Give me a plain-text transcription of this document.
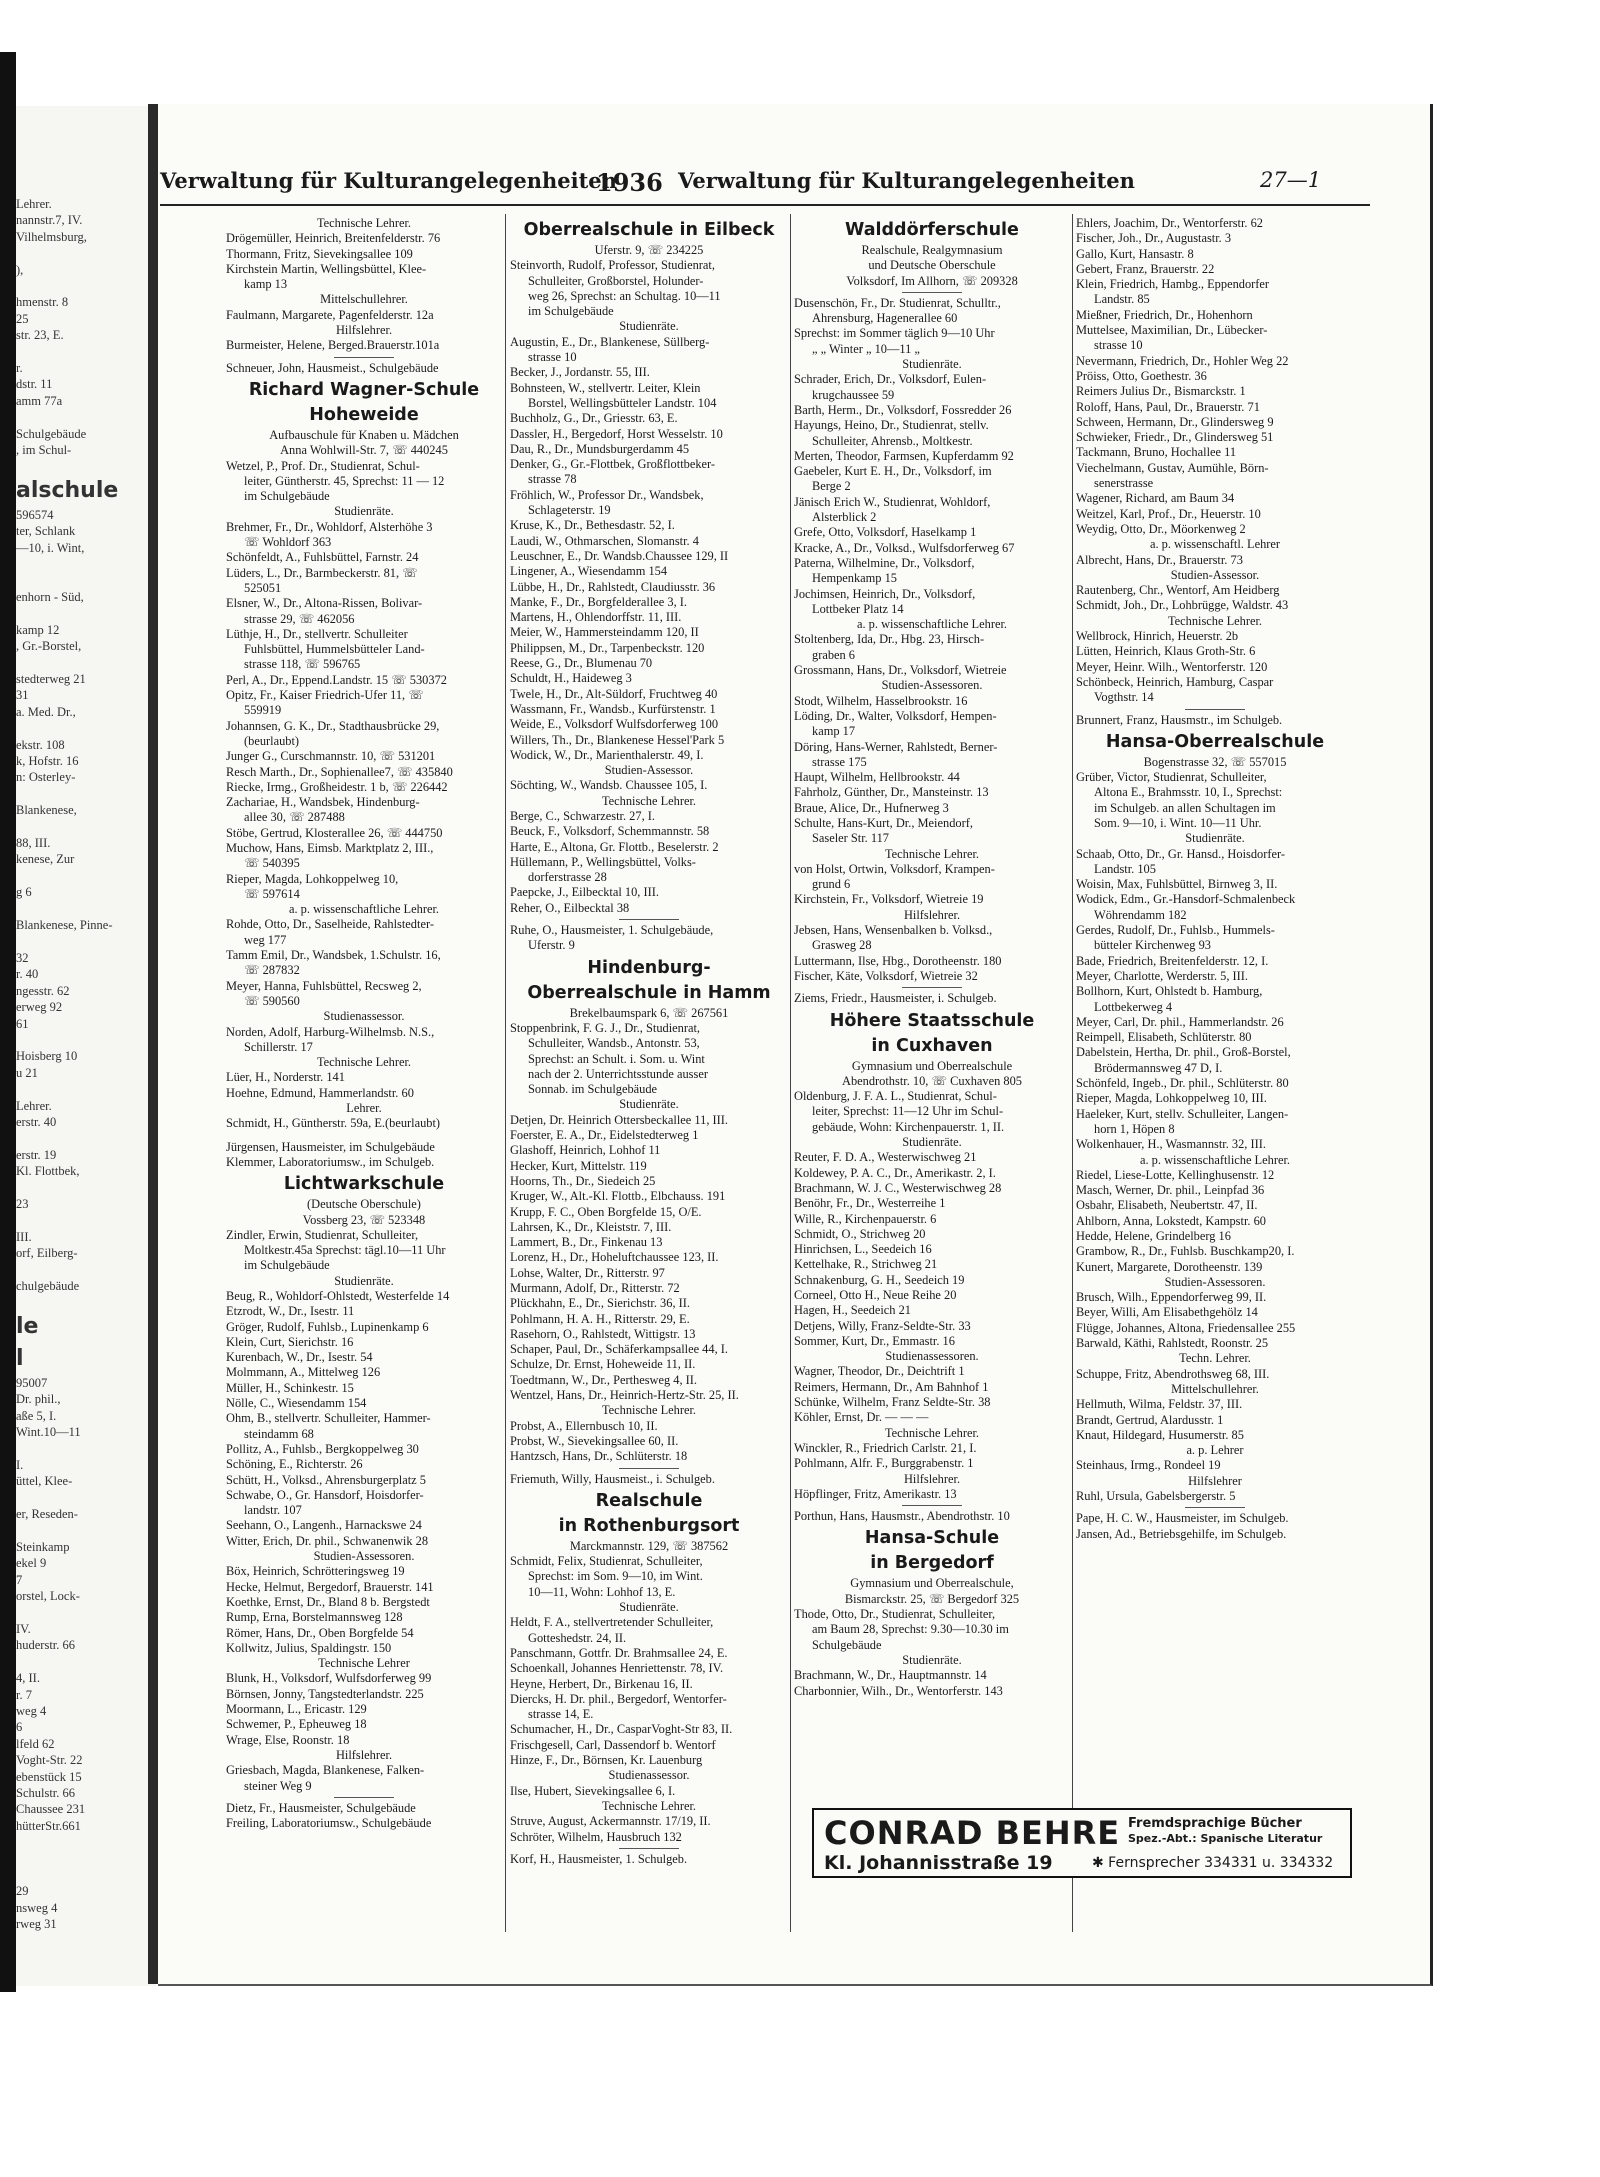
Lehrer.
nannstr.7, IV.
Vilhelmsburg,

),

hmenstr. 8
25
str. 23, E.

r.
dstr. 11
amm 77a

Schulgebäude
, im Schul-

alschule
596574
ter, Schlank
—10, i. Wint,

enhorn - Süd,

kamp 12
, Gr.-Borstel,

stedterweg 21
31
a. Med. Dr.,

ekstr. 108
k, Hofstr. 16
n: Osterley-

Blankenese,

88, III.
kenese, Zur

g 6

Blankenese, Pinne-

32
r. 40
ngesstr. 62
erweg 92
61

Hoisberg 10
u 21

Lehrer.
erstr. 40

erstr. 19
Kl. Flottbek,

23

III.
orf, Eilberg-

chulgebäude

le
l
95007
Dr. phil.,
aße 5, I.
Wint.10—11

I.
üttel, Klee-

er, Reseden-

Steinkamp
ekel 9
7
orstel, Lock-

IV.
huderstr. 66

4, II.
r. 7
weg 4
6
lfeld 62
Voght-Str. 22
ebenstück 15
Schulstr. 66
Chaussee 231
hütterStr.661

29
nsweg 4
rweg 31
Verwaltung für Kulturangelegenheiten
1936 Verwaltung für Kulturangelegenheiten	27—1
Technische Lehrer.
Drögemüller, Heinrich, Breitenfelderstr. 76
Thormann, Fritz, Sievekingsallee 109
Kirchstein Martin, Wellingsbüttel, Klee-
kamp 13
Mittelschullehrer.
Faulmann, Margarete, Pagenfelderstr. 12a
Hilfslehrer.
Burmeister, Helene, Berged.Brauerstr.101a
Schneuer, John, Hausmeist., Schulgebäude
Richard Wagner-Schule
Hoheweide
Aufbauschule für Knaben u. Mädchen
Anna Wohlwill-Str. 7, ☏ 440245
Wetzel, P., Prof. Dr., Studienrat, Schul-
leiter, Güntherstr. 45, Sprechst: 11 — 12
im Schulgebäude
Studienräte.
Brehmer, Fr., Dr., Wohldorf, Alsterhöhe 3
☏ Wohldorf 363
Schönfeldt, A., Fuhlsbüttel, Farnstr. 24
Lüders, L., Dr., Barmbeckerstr. 81, ☏
525051
Elsner, W., Dr., Altona-Rissen, Bolivar-
strasse 29, ☏ 462056
Lüthje, H., Dr., stellvertr. Schulleiter
Fuhlsbüttel, Hummelsbütteler Land-
strasse 118, ☏ 596765
Perl, A., Dr., Eppend.Landstr. 15 ☏ 530372
Opitz, Fr., Kaiser Friedrich-Ufer 11, ☏
559919
Johannsen, G. K., Dr., Stadthausbrücke 29,
(beurlaubt)
Junger G., Curschmannstr. 10, ☏ 531201
Resch Marth., Dr., Sophienallee7, ☏ 435840
Riecke, Irmg., Großheidestr. 1 b, ☏ 226442
Zachariae, H., Wandsbek, Hindenburg-
allee 30, ☏ 287488
Stöbe, Gertrud, Klosterallee 26, ☏ 444750
Muchow, Hans, Eimsb. Marktplatz 2, III.,
☏ 540395
Rieper, Magda, Lohkoppelweg 10,
☏ 597614
a. p. wissenschaftliche Lehrer.
Rohde, Otto, Dr., Saselheide, Rahlstedter-
weg 177
Tamm Emil, Dr., Wandsbek, 1.Schulstr. 16,
☏ 287832
Meyer, Hanna, Fuhlsbüttel, Recsweg 2,
☏ 590560
Studienassessor.
Norden, Adolf, Harburg-Wilhelmsb. N.S.,
Schillerstr. 17
Technische Lehrer.
Lüer, H., Norderstr. 141
Hoehne, Edmund, Hammerlandstr. 60
Lehrer.
Schmidt, H., Güntherstr. 59a, E.(beurlaubt)
Jürgensen, Hausmeister, im Schulgebäude
Klemmer, Laboratoriumsw., im Schulgeb.
Lichtwarkschule
(Deutsche Oberschule)
Vossberg 23, ☏ 523348
Zindler, Erwin, Studienrat, Schulleiter,
Moltkestr.45a Sprechst: tägl.10—11 Uhr
im Schulgebäude
Studienräte.
Beug, R., Wohldorf-Ohlstedt, Westerfelde 14
Etzrodt, W., Dr., Isestr. 11
Gröger, Rudolf, Fuhlsb., Lupinenkamp 6
Klein, Curt, Sierichstr. 16
Kurenbach, W., Dr., Isestr. 54
Molmmann, A., Mittelweg 126
Müller, H., Schinkestr. 15
Nölle, C., Wiesendamm 154
Ohm, B., stellvertr. Schulleiter, Hammer-
steindamm 68
Pollitz, A., Fuhlsb., Bergkoppelweg 30
Schöning, E., Richterstr. 26
Schütt, H., Volksd., Ahrensburgerplatz 5
Schwabe, O., Gr. Hansdorf, Hoisdorfer-
landstr. 107
Seehann, O., Langenh., Harnackswe 24
Witter, Erich, Dr. phil., Schwanenwik 28
Studien-Assessoren.
Böx, Heinrich, Schrötteringsweg 19
Hecke, Helmut, Bergedorf, Brauerstr. 141
Koethke, Ernst, Dr., Bland 8 b. Bergstedt
Rump, Erna, Borstelmannsweg 128
Römer, Hans, Dr., Oben Borgfelde 54
Kollwitz, Julius, Spaldingstr. 150
Technische Lehrer
Blunk, H., Volksdorf, Wulfsdorferweg 99
Börnsen, Jonny, Tangstedterlandstr. 225
Moormann, L., Ericastr. 129
Schwemer, P., Epheuweg 18
Wrage, Else, Roonstr. 18
Hilfslehrer.
Griesbach, Magda, Blankenese, Falken-
steiner Weg 9
Dietz, Fr., Hausmeister, Schulgebäude
Freiling, Laboratoriumsw., Schulgebäude
Oberrealschule in Eilbeck
Uferstr. 9, ☏ 234225
Steinvorth, Rudolf, Professor, Studienrat,
Schulleiter, Großborstel, Holunder-
weg 26, Sprechst: an Schultag. 10—11
im Schulgebäude
Studienräte.
Augustin, E., Dr., Blankenese, Süllberg-
strasse 10
Becker, J., Jordanstr. 55, III.
Bohnsteen, W., stellvertr. Leiter, Klein
Borstel, Wellingsbütteler Landstr. 104
Buchholz, G., Dr., Griesstr. 63, E.
Dassler, H., Bergedorf, Horst Wesselstr. 10
Dau, R., Dr., Mundsburgerdamm 45
Denker, G., Gr.-Flottbek, Großflottbeker-
strasse 78
Fröhlich, W., Professor Dr., Wandsbek,
Schlageterstr. 19
Kruse, K., Dr., Bethesdastr. 52, I.
Laudi, W., Othmarschen, Slomanstr. 4
Leuschner, E., Dr. Wandsb.Chaussee 129, II
Lingener, A., Wiesendamm 154
Lübbe, H., Dr., Rahlstedt, Claudiusstr. 36
Manke, F., Dr., Borgfelderallee 3, I.
Martens, H., Ohlendorffstr. 11, III.
Meier, W., Hammersteindamm 120, II
Philippsen, M., Dr., Tarpenbeckstr. 120
Reese, G., Dr., Blumenau 70
Schuldt, H., Haideweg 3
Twele, H., Dr., Alt-Süldorf, Fruchtweg 40
Wassmann, Fr., Wandsb., Kurfürstenstr. 1
Weide, E., Volksdorf Wulfsdorferweg 100
Willers, Th., Dr., Blankenese Hessel'Park 5
Wodick, W., Dr., Marienthalerstr. 49, I.
Studien-Assessor.
Söchting, W., Wandsb. Chaussee 105, I.
Technische Lehrer.
Berge, C., Schwarzestr. 27, I.
Beuck, F., Volksdorf, Schemmannstr. 58
Harte, E., Altona, Gr. Flottb., Beselerstr. 2
Hüllemann, P., Wellingsbüttel, Volks-
dorferstrasse 28
Paepcke, J., Eilbecktal 10, III.
Reher, O., Eilbecktal 38
Ruhe, O., Hausmeister, 1. Schulgebäude,
Uferstr. 9
Hindenburg-
Oberrealschule in Hamm
Brekelbaumspark 6, ☏ 267561
Stoppenbrink, F. G. J., Dr., Studienrat,
Schulleiter, Wandsb., Antonstr. 53,
Sprechst: an Schult. i. Som. u. Wint
nach der 2. Unterrichtsstunde ausser
Sonnab. im Schulgebäude
Studienräte.
Detjen, Dr. Heinrich Ottersbeckallee 11, III.
Foerster, E. A., Dr., Eidelstedterweg 1
Glashoff, Heinrich, Lohhof 11
Hecker, Kurt, Mittelstr. 119
Hoorns, Th., Dr., Siedeich 25
Kruger, W., Alt.-Kl. Flottb., Elbchauss. 191
Krupp, F. C., Oben Borgfelde 15, O/E.
Lahrsen, K., Dr., Kleiststr. 7, III.
Lammert, B., Dr., Finkenau 13
Lorenz, H., Dr., Hoheluftchaussee 123, II.
Lohse, Walter, Dr., Ritterstr. 97
Murmann, Adolf, Dr., Ritterstr. 72
Plückhahn, E., Dr., Sierichstr. 36, II.
Pohlmann, H. A. H., Ritterstr. 29, E.
Rasehorn, O., Rahlstedt, Wittigstr. 13
Schaper, Paul, Dr., Schäferkampsallee 44, I.
Schulze, Dr. Ernst, Hoheweide 11, II.
Toedtmann, W., Dr., Perthesweg 4, II.
Wentzel, Hans, Dr., Heinrich-Hertz-Str. 25, II.
Technische Lehrer.
Probst, A., Ellernbusch 10, II.
Probst, W., Sievekingsallee 60, II.
Hantzsch, Hans, Dr., Schlüterstr. 18
Friemuth, Willy, Hausmeist., i. Schulgeb.
Realschule
in Rothenburgsort
Marckmannstr. 129, ☏ 387562
Schmidt, Felix, Studienrat, Schulleiter,
Sprechst: im Som. 9—10, im Wint.
10—11, Wohn: Lohhof 13, E.
Studienräte.
Heldt, F. A., stellvertretender Schulleiter,
Gotteshedstr. 24, II.
Panschmann, Gottfr. Dr. Brahmsallee 24, E.
Schoenkall, Johannes Henriettenstr. 78, IV.
Heyne, Herbert, Dr., Birkenau 16, II.
Diercks, H. Dr. phil., Bergedorf, Wentorfer-
strasse 14, E.
Schumacher, H., Dr., CasparVoght-Str 83, II.
Frischgesell, Carl, Dassendorf b. Wentorf
Hinze, F., Dr., Börnsen, Kr. Lauenburg
Studienassessor.
Ilse, Hubert, Sievekingsallee 6, I.
Technische Lehrer.
Struve, August, Ackermannstr. 17/19, II.
Schröter, Wilhelm, Hausbruch 132
Korf, H., Hausmeister, 1. Schulgeb.
Walddörferschule
Realschule, Realgymnasium
und Deutsche Oberschule
Volksdorf, Im Allhorn, ☏ 209328
Dusenschön, Fr., Dr. Studienrat, Schulltr.,
Ahrensburg, Hagenerallee 60
Sprechst: im Sommer täglich 9—10 Uhr
„ „ Winter „ 10—11 „
Studienräte.
Schrader, Erich, Dr., Volksdorf, Eulen-
krugchaussee 59
Barth, Herm., Dr., Volksdorf, Fossredder 26
Hayungs, Heino, Dr., Studienrat, stellv.
Schulleiter, Ahrensb., Moltkestr.
Merten, Theodor, Farmsen, Kupferdamm 92
Gaebeler, Kurt E. H., Dr., Volksdorf, im
Berge 2
Jänisch Erich W., Studienrat, Wohldorf,
Alsterblick 2
Grefe, Otto, Volksdorf, Haselkamp 1
Kracke, A., Dr., Volksd., Wulfsdorferweg 67
Paterna, Wilhelmine, Dr., Volksdorf,
Hempenkamp 15
Jochimsen, Heinrich, Dr., Volksdorf,
Lottbeker Platz 14
a. p. wissenschaftliche Lehrer.
Stoltenberg, Ida, Dr., Hbg. 23, Hirsch-
graben 6
Grossmann, Hans, Dr., Volksdorf, Wietreie
Studien-Assessoren.
Stodt, Wilhelm, Hasselbrookstr. 16
Löding, Dr., Walter, Volksdorf, Hempen-
kamp 17
Döring, Hans-Werner, Rahlstedt, Berner-
strasse 175
Haupt, Wilhelm, Hellbrookstr. 44
Fahrholz, Günther, Dr., Mansteinstr. 13
Braue, Alice, Dr., Hufnerweg 3
Schulte, Hans-Kurt, Dr., Meiendorf,
Saseler Str. 117
Technische Lehrer.
von Holst, Ortwin, Volksdorf, Krampen-
grund 6
Kirchstein, Fr., Volksdorf, Wietreie 19
Hilfslehrer.
Jebsen, Hans, Wensenbalken b. Volksd.,
Grasweg 28
Luttermann, Ilse, Hbg., Dorotheenstr. 180
Fischer, Käte, Volksdorf, Wietreie 32
Ziems, Friedr., Hausmeister, i. Schulgeb.
Höhere Staatsschule
in Cuxhaven
Gymnasium und Oberrealschule
Abendrothstr. 10, ☏ Cuxhaven 805
Oldenburg, J. F. A. L., Studienrat, Schul-
leiter, Sprechst: 11—12 Uhr im Schul-
gebäude, Wohn: Kirchenpauerstr. 1, II.
Studienräte.
Reuter, F. D. A., Westerwischweg 21
Koldewey, P. A. C., Dr., Amerikastr. 2, I.
Brachmann, W. J. C., Westerwischweg 28
Benöhr, Fr., Dr., Westerreihe 1
Wille, R., Kirchenpauerstr. 6
Schmidt, O., Strichweg 20
Hinrichsen, L., Seedeich 16
Kettelhake, R., Strichweg 21
Schnakenburg, G. H., Seedeich 19
Corneel, Otto H., Neue Reihe 20
Hagen, H., Seedeich 21
Detjens, Willy, Franz-Seldte-Str. 33
Sommer, Kurt, Dr., Emmastr. 16
Studienassessoren.
Wagner, Theodor, Dr., Deichtrift 1
Reimers, Hermann, Dr., Am Bahnhof 1
Schünke, Wilhelm, Franz Seldte-Str. 38
Köhler, Ernst, Dr. — — —
Technische Lehrer.
Winckler, R., Friedrich Carlstr. 21, I.
Pohlmann, Alfr. F., Burggrabenstr. 1
Hilfslehrer.
Höpflinger, Fritz, Amerikastr. 13
Porthun, Hans, Hausmstr., Abendrothstr. 10
Hansa-Schule
in Bergedorf
Gymnasium und Oberrealschule,
Bismarckstr. 25, ☏ Bergedorf 325
Thode, Otto, Dr., Studienrat, Schulleiter,
am Baum 28, Sprechst: 9.30—10.30 im
Schulgebäude
Studienräte.
Brachmann, W., Dr., Hauptmannstr. 14
Charbonnier, Wilh., Dr., Wentorferstr. 143
Ehlers, Joachim, Dr., Wentorferstr. 62
Fischer, Joh., Dr., Augustastr. 3
Gallo, Kurt, Hansastr. 8
Gebert, Franz, Brauerstr. 22
Klein, Friedrich, Hambg., Eppendorfer
Landstr. 85
Mießner, Friedrich, Dr., Hohenhorn
Muttelsee, Maximilian, Dr., Lübecker-
strasse 10
Nevermann, Friedrich, Dr., Hohler Weg 22
Pröiss, Otto, Goethestr. 36
Reimers Julius Dr., Bismarckstr. 1
Roloff, Hans, Paul, Dr., Brauerstr. 71
Schween, Hermann, Dr., Glindersweg 9
Schwieker, Friedr., Dr., Glindersweg 51
Tackmann, Bruno, Hochallee 11
Viechelmann, Gustav, Aumühle, Börn-
senerstrasse
Wagener, Richard, am Baum 34
Weitzel, Karl, Prof., Dr., Heuerstr. 10
Weydig, Otto, Dr., Möorkenweg 2
a. p. wissenschaftl. Lehrer
Albrecht, Hans, Dr., Brauerstr. 73
Studien-Assessor.
Rautenberg, Chr., Wentorf, Am Heidberg
Schmidt, Joh., Dr., Lohbrügge, Waldstr. 43
Technische Lehrer.
Wellbrock, Hinrich, Heuerstr. 2b
Lütten, Heinrich, Klaus Groth-Str. 6
Meyer, Heinr. Wilh., Wentorferstr. 120
Schönbeck, Heinrich, Hamburg, Caspar
Vogthstr. 14
Brunnert, Franz, Hausmstr., im Schulgeb.
Hansa-Oberrealschule
Bogenstrasse 32, ☏ 557015
Grüber, Victor, Studienrat, Schulleiter,
Altona E., Brahmsstr. 10, I., Sprechst:
im Schulgeb. an allen Schultagen im
Som. 9—10, i. Wint. 10—11 Uhr.
Studienräte.
Schaab, Otto, Dr., Gr. Hansd., Hoisdorfer-
Landstr. 105
Woisin, Max, Fuhlsbüttel, Birnweg 3, II.
Wodick, Edm., Gr.-Hansdorf-Schmalenbeck
Wöhrendamm 182
Gerdes, Rudolf, Dr., Fuhlsb., Hummels-
bütteler Kirchenweg 93
Bade, Friedrich, Breitenfelderstr. 12, I.
Meyer, Charlotte, Werderstr. 5, III.
Bollhorn, Kurt, Ohlstedt b. Hamburg,
Lottbekerweg 4
Meyer, Carl, Dr. phil., Hammerlandstr. 26
Reimpell, Elisabeth, Schlüterstr. 80
Dabelstein, Hertha, Dr. phil., Groß-Borstel,
Brödermannsweg 47 D, I.
Schönfeld, Ingeb., Dr. phil., Schlüterstr. 80
Rieper, Magda, Lohkoppelweg 10, III.
Haeleker, Kurt, stellv. Schulleiter, Langen-
horn 1, Höpen 8
Wolkenhauer, H., Wasmannstr. 32, III.
a. p. wissenschaftliche Lehrer.
Riedel, Liese-Lotte, Kellinghusenstr. 12
Masch, Werner, Dr. phil., Leinpfad 36
Osbahr, Elisabeth, Neubertstr. 47, II.
Ahlborn, Anna, Lokstedt, Kampstr. 60
Hedde, Helene, Grindelberg 16
Grambow, R., Dr., Fuhlsb. Buschkamp20, I.
Kunert, Margarete, Dorotheenstr. 139
Studien-Assessoren.
Brusch, Wilh., Eppendorferweg 99, II.
Beyer, Willi, Am Elisabethgehölz 14
Flügge, Johannes, Altona, Friedensallee 255
Barwald, Käthi, Rahlstedt, Roonstr. 25
Techn. Lehrer.
Schuppe, Fritz, Abendrothsweg 68, III.
Mittelschullehrer.
Hellmuth, Wilma, Feldstr. 37, III.
Brandt, Gertrud, Alardusstr. 1
Knaut, Hildegard, Husumerstr. 85
a. p. Lehrer
Steinhaus, Irmg., Rondeel 19
Hilfslehrer
Ruhl, Ursula, Gabelsbergerstr. 5
Pape, H. C. W., Hausmeister, im Schulgeb.
Jansen, Ad., Betriebsgehilfe, im Schulgeb.
CONRAD BEHRE Fremdsprachige Bücher
Spez.-Abt.: Spanische Literatur
Kl. Johannisstraße 19	✱ Fernsprecher 334331 u. 334332
